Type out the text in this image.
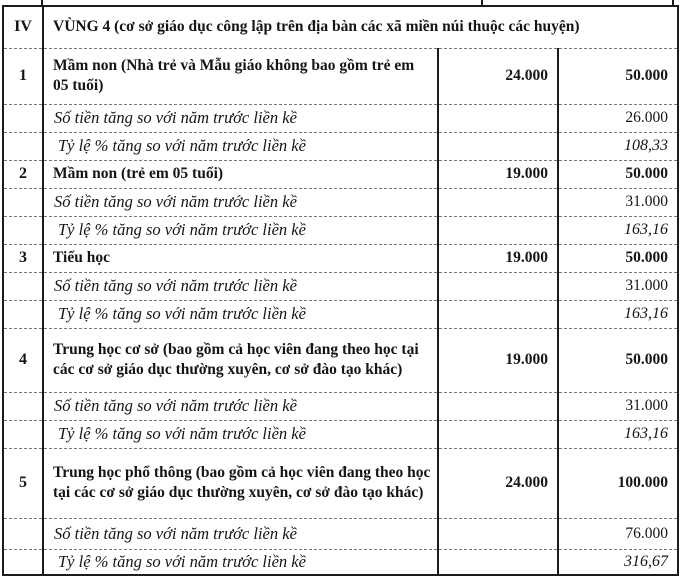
IV	VÙNG 4 (cơ sở giáo dục công lập trên địa bàn các xã miền núi thuộc các huyện)		
1	Mầm non (Nhà trẻ và Mẫu giáo không bao gồm trẻ em 05 tuổi)	24.000	50.000
	Số tiền tăng so với năm trước liền kề		26.000
	Tỷ lệ % tăng so với năm trước liền kề		108,33
2	Mầm non (trẻ em 05 tuổi)	19.000	50.000
	Số tiền tăng so với năm trước liền kề		31.000
	Tỷ lệ % tăng so với năm trước liền kề		163,16
3	Tiểu học	19.000	50.000
	Số tiền tăng so với năm trước liền kề		31.000
	Tỷ lệ % tăng so với năm trước liền kề		163,16
4	Trung học cơ sở (bao gồm cả học viên đang theo học tại các cơ sở giáo dục thường xuyên, cơ sở đào tạo khác)	19.000	50.000
	Số tiền tăng so với năm trước liền kề		31.000
	Tỷ lệ % tăng so với năm trước liền kề		163,16
5	Trung học phổ thông (bao gồm cả học viên đang theo học tại các cơ sở giáo dục thường xuyên, cơ sở đào tạo khác)	24.000	100.000
	Số tiền tăng so với năm trước liền kề		76.000
	Tỷ lệ % tăng so với năm trước liền kề		316,67
